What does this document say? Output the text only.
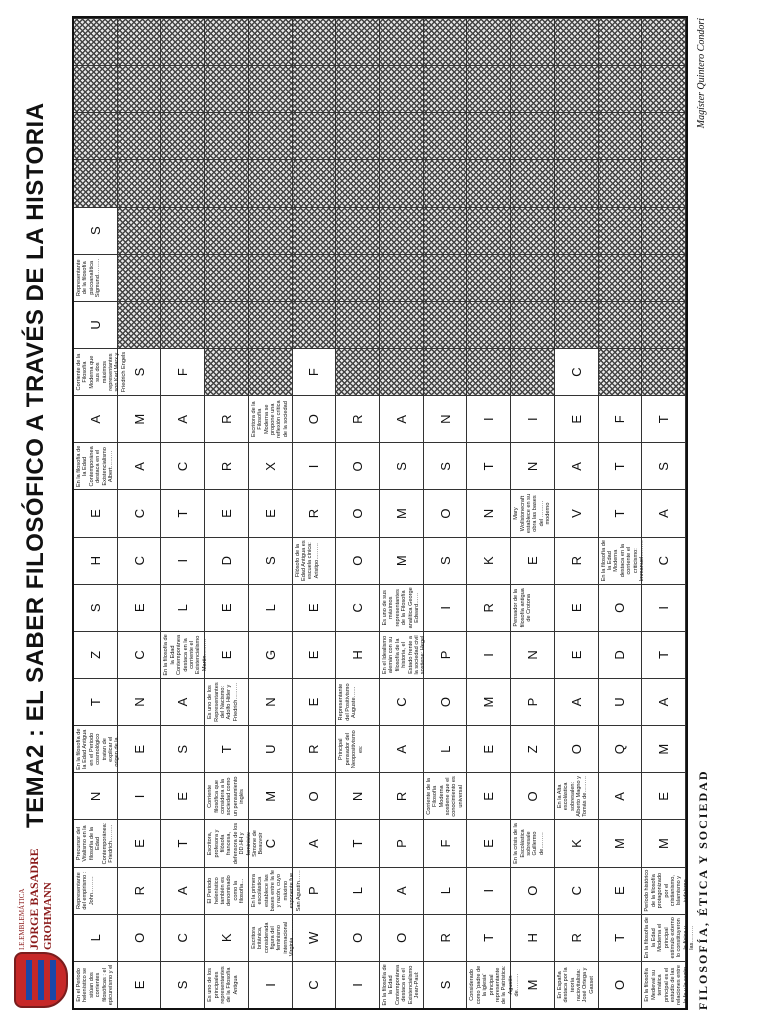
I.E.EMBLEMÁTICA JORGE BASADRE GROHMANN
TEMA2 : EL SABER FILOSÓFICO A TRAVÉS DE LA HISTORIA
En el Periodo helenístico se sitúan dos corrientes filosóficas : el epicureísmo y el ……………
L
Representante del empirismo : John………
Precursor del Vitalismo en la filosofía de la Edad Contemporánea: Friedrich………
N
En la filosofía de la Edad Antigua en el Periodo cosmológico tratan de explicar el origen de la…
T
Z
S
H
E
En la filosofía de la Edad Contemporánea destaca en el Existencialismo Albert………
A
Corriente de la Filosofía Moderna que sus dos máximos representantes son Karl Marx y Friedrich Engels
U
Representante de la filosofía psicoanalítica Sigmund………
S
E
O
R
E
I
E
N
C
E
C
C
A
M
S
S
C
A
T
E
S
A
En la filosofía de la Edad Contemporánea destaca en la corriente el Existencialismo Martin………
L
I
T
C
A
F
Es uno de los principales representantes de la Filosofía Antigua
K
El Periodo helenístico también es denominado como la filosofía…
Escritora, profesora y filósofa francesa, defensora de los DD.HH y feminista: Simone de Beauvoir
Corriente filosófica que considera a la sociedad como un pensamiento inglés
T
Es uno de los Representantes del Nacismo: Adolfo Hitler y Friedrich………
E
E
D
E
R
R
I
Escritora británica, considerada figura del feminismo internacional Virginia ………
En la primera escolástica establece las bases entre la fe y razón, cuyo máximo exponente fue San Agustín……
C
M
U
N
G
L
S
E
X
Escritora de la Filosofía Moderna se propone una reflexión crítica de la sociedad
C
W
P
A
O
R
E
E
E
Filósofo de la Edad Antigua es escuela cínica: Aristipo………
R
I
O
F
I
O
L
T
N
Principal pensador del Neopositivismo es:
Representante del Positivismo Auguste……
H
C
O
O
O
R
En la filosofía de la Edad Contemporánea destaca en el Existencialismo Jean-Paul:
O
A
P
R
A
C
En el Idealismo alemán con su filosofía de la historia, el Estado frente a la sociedad civil sostiene: Hegel
Es uno de sus máximos representantes de la Filosofía analítica George Edward……
M
M
S
A
S
R
L
F
Corriente de la Filosofía Moderna sostiene que el conocimiento es universal
L
O
P
I
S
O
S
N
Considerado como 'padre de la iglesia' principal representante de la Patrística: Agustín de………
T
I
E
E
E
M
I
R
K
N
T
I
M
H
O
En la crisis de la Escolástica sobresale Guillermo de………
O
Z
P
N
Pensador de la filosofía antigua de Crotona
E
Mary Wollstonecraft establece en su obra las bases del ……… moderno
N
I
En España destaca por la teoría raciovitalista: José Ortega y Gasset
R
C
K
En la Alta escolástica sobresalen: Alberto Magno y Tomás de………
O
A
E
E
R
V
A
E
C
O
T
E
M
A
Q
U
D
O
En la filosofía de la Edad Moderna destaca en la corriente el criticismo: Immanuel………
T
T
F
En la filosofía Medieval su temática principal es el estudio de las relaciones entre la fe y la razón
En la filosofía de la Edad Moderna el principal estímulo externo lo constituyeron la física y las………
Período histórico de la filosofía protagonizado por el cristianismo, Islamismo y judaísmo
M
E
M
A
T
I
C
A
S
T
FILOSOFÍA, ÉTICA Y SOCIEDAD
Magíster Quintero Condori
